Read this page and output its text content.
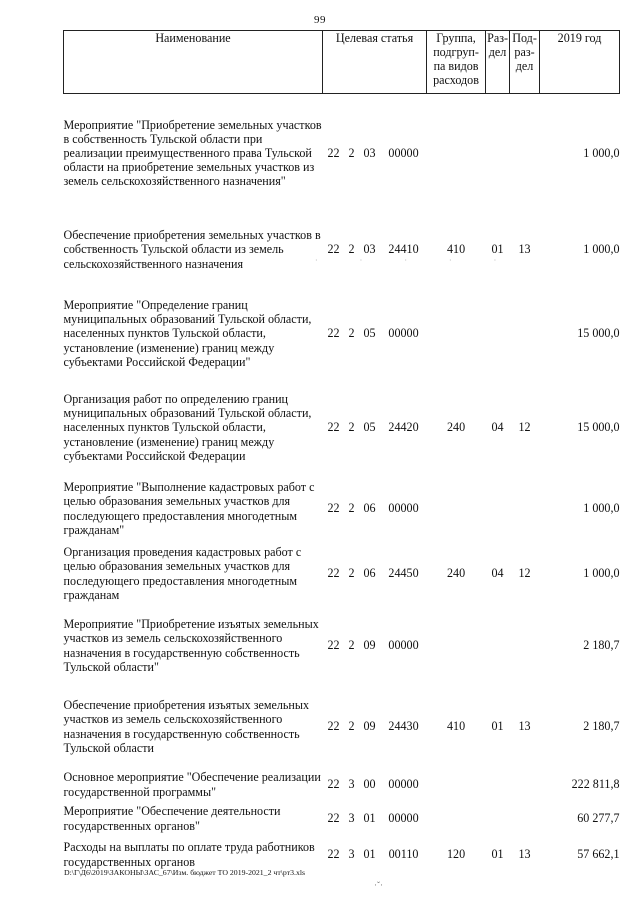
99
Наименование	Целевая статья				Группа, подгруп-па видов расходов	Раз-дел	Под-раз-дел	2019 год
Мероприятие "Приобретение земельных участков в собственность Тульской области при реализации преимущественного права Тульской области на приобретение земельных участков из земель сельскохозяйственного назначения"	22	2	03	00000				1 000,0
Обеспечение приобретения земельных участков в собственность Тульской области из земель сельскохозяйственного назначения	22	2	03	24410	410	01	13	1 000,0
Мероприятие "Определение границ муниципальных образований Тульской области, населенных пунктов Тульской области, установление (изменение) границ между субъектами Российской Федерации"	22	2	05	00000				15 000,0
Организация работ по определению границ муниципальных образований Тульской области, населенных пунктов Тульской области, установление (изменение) границ между субъектами Российской Федерации	22	2	05	24420	240	04	12	15 000,0
Мероприятие "Выполнение кадастровых работ с целью образования земельных участков для последующего предоставления многодетным гражданам"	22	2	06	00000				1 000,0
Организация проведения кадастровых работ с целью образования земельных участков для последующего предоставления многодетным гражданам	22	2	06	24450	240	04	12	1 000,0
Мероприятие "Приобретение изъятых земельных участков из земель сельскохозяйственного назначения в государственную собственность Тульской области"	22	2	09	00000				2 180,7
Обеспечение приобретения изъятых земельных участков из земель сельскохозяйственного назначения в государственную собственность Тульской области	22	2	09	24430	410	01	13	2 180,7
Основное мероприятие "Обеспечение реализации государственной программы"	22	3	00	00000				222 811,8
Мероприятие "Обеспечение деятельности государственных органов"	22	3	01	00000				60 277,7
Расходы на выплаты по оплате труда работников государственных органов	22	3	01	00110	120	01	13	57 662,1
· · · · ·
D:\Г\Д6\2019\ЗАКОНЫ\ЗАС_67\Изм. бюджет ТО 2019-2021_2 чт\рт3.xls
·ˇ·
